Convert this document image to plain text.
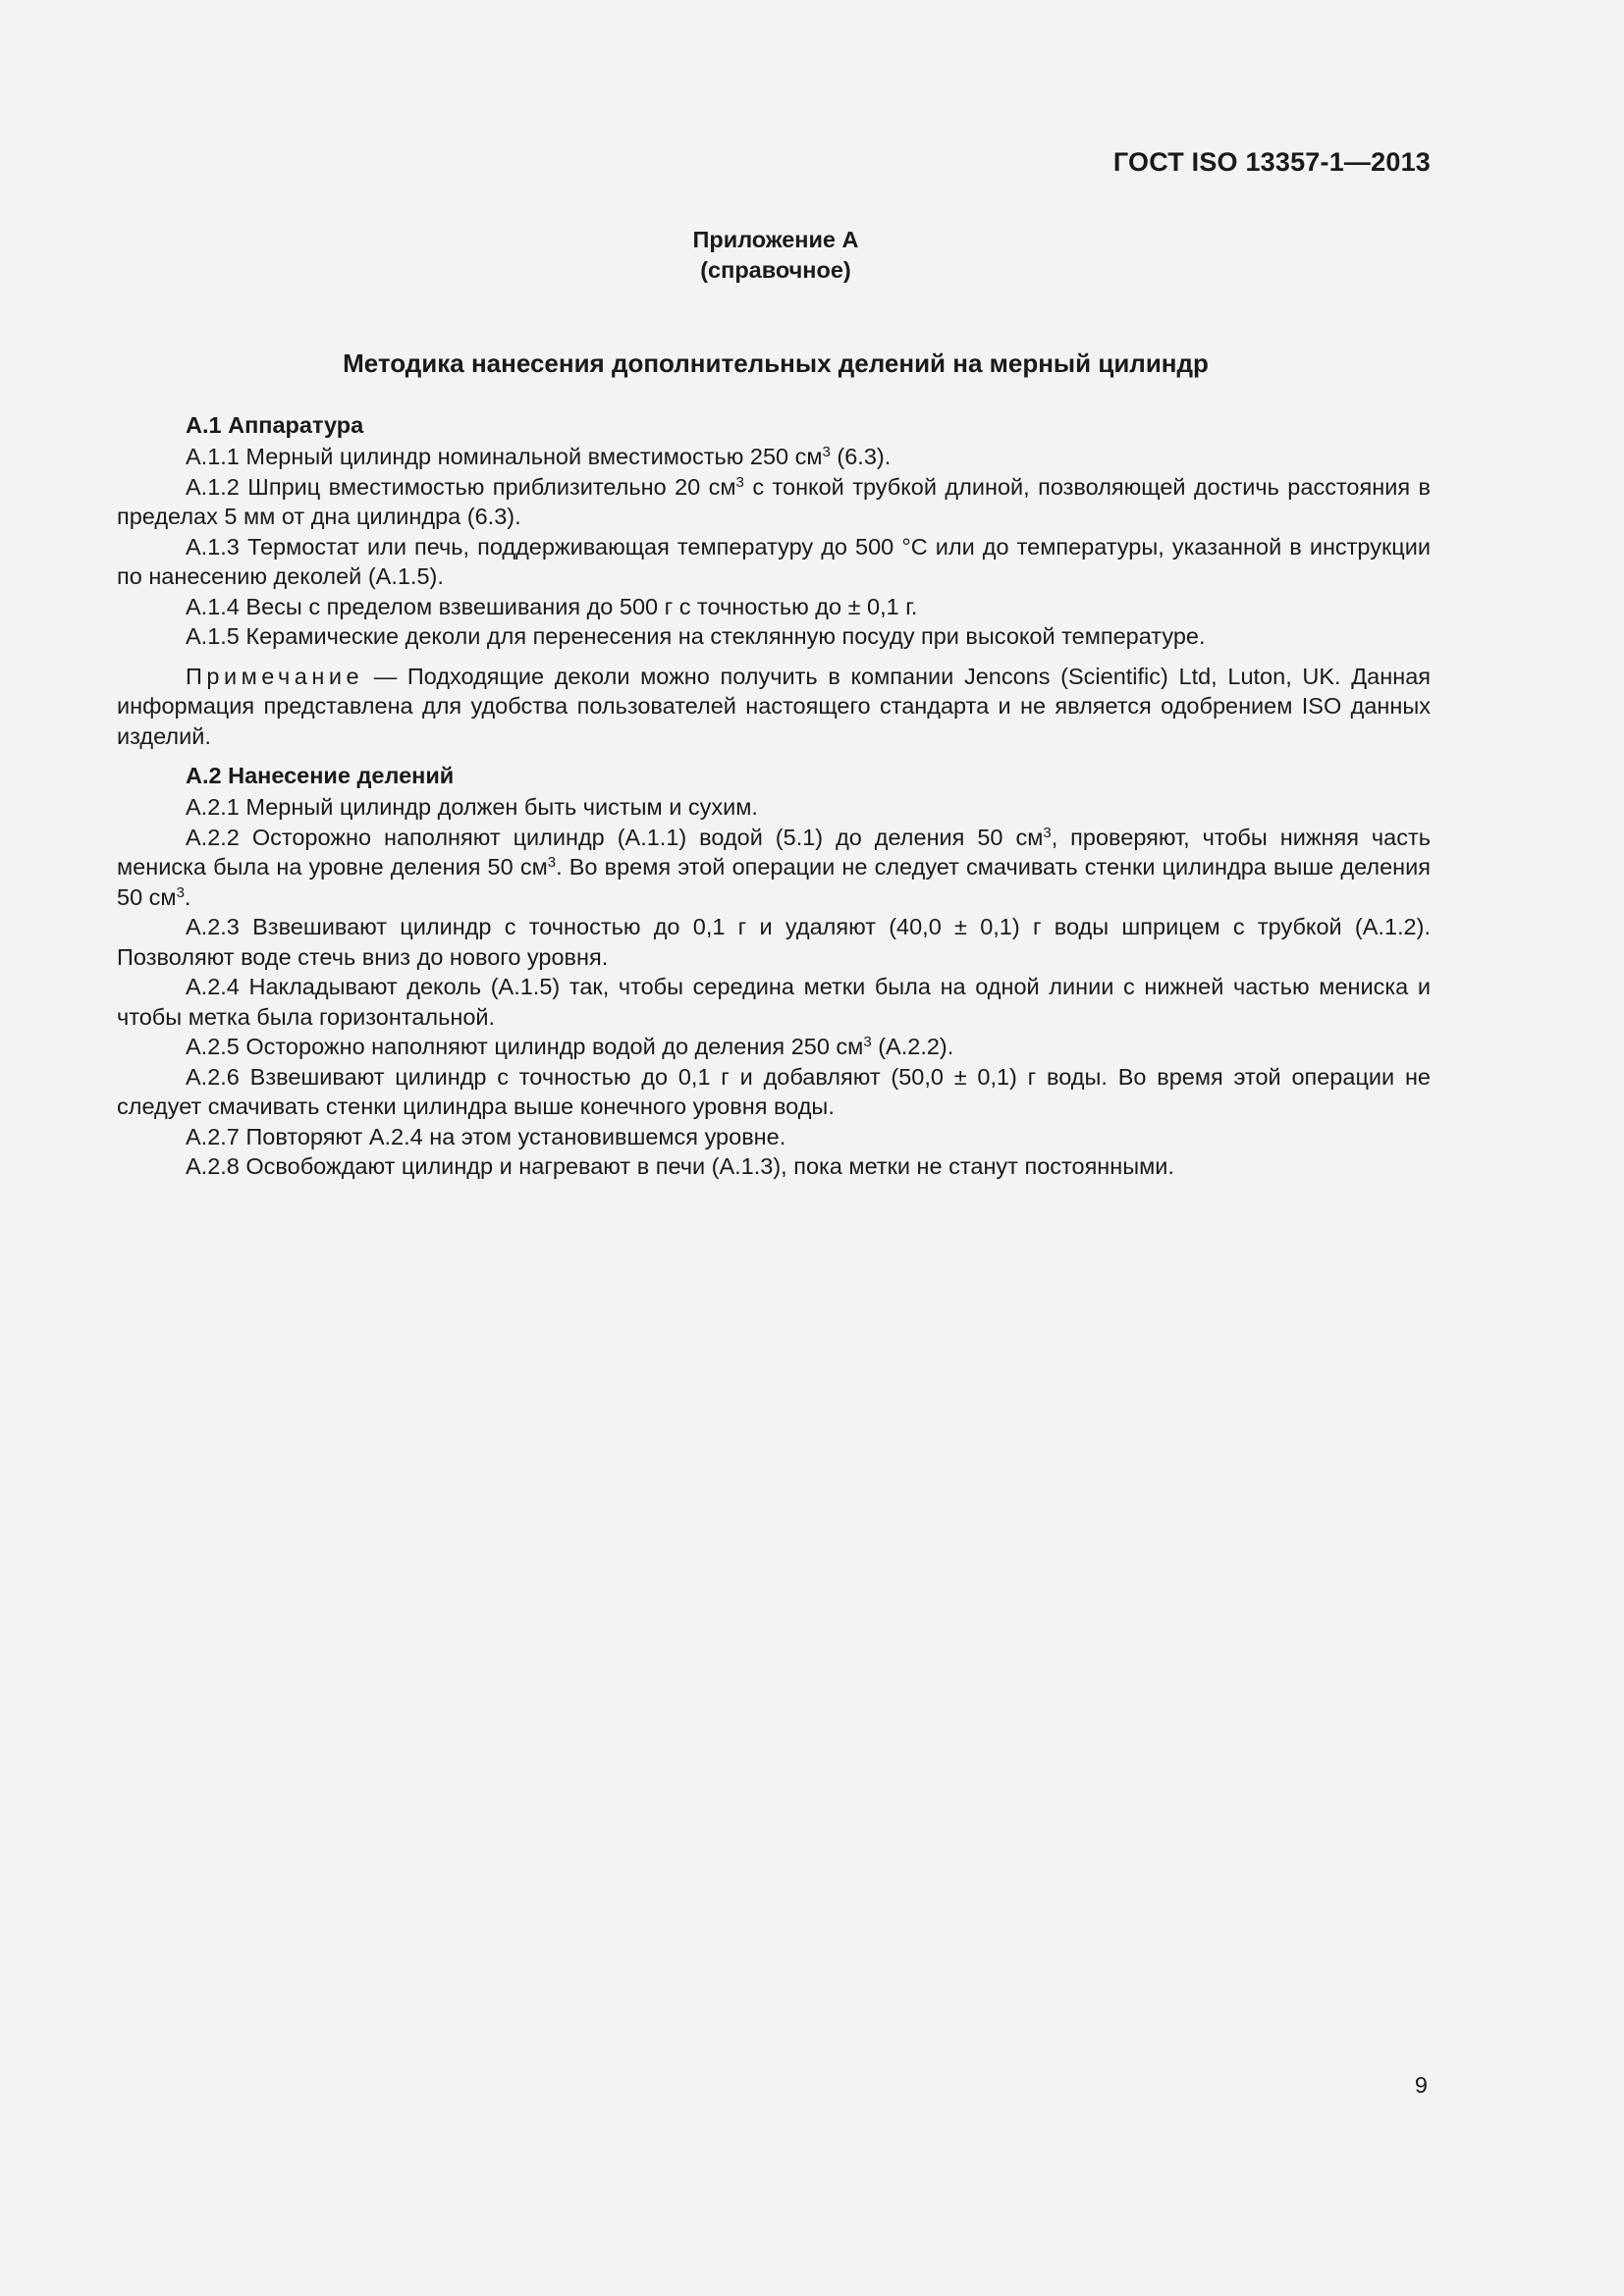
ГОСТ ISO 13357-1—2013
Приложение А
(справочное)
Методика нанесения дополнительных делений на мерный цилиндр

А.1 Аппаратура

А.1.1 Мерный цилиндр номинальной вместимостью 250 $см^3$ (6.3).

А.1.2 Шприц вместимостью приблизительно 20 $см^3$ с тонкой трубкой длиной, позволяющей достичь расстояния в пределах 5 мм от дна цилиндра (6.3).

А.1.3 Термостат или печь, поддерживающая температуру до 500 °С или до температуры, указанной в инструкции по нанесению деколей (А.1.5).

А.1.4 Весы с пределом взвешивания до 500 г с точностью до ± 0,1 г.

А.1.5 Керамические деколи для перенесения на стеклянную посуду при высокой температуре.

Примечание — Подходящие деколи можно получить в компании Jencons (Scientific) Ltd, Luton, UK. Данная информация представлена для удобства пользователей настоящего стандарта и не является одобрением ISO данных изделий.

А.2 Нанесение делений

А.2.1 Мерный цилиндр должен быть чистым и сухим.

А.2.2 Осторожно наполняют цилиндр (А.1.1) водой (5.1) до деления 50 $см^3$, проверяют, чтобы нижняя часть мениска была на уровне деления 50 $см^3$. Во время этой операции не следует смачивать стенки цилиндра выше деления 50 $см^3$.

А.2.3 Взвешивают цилиндр с точностью до 0,1 г и удаляют (40,0 ± 0,1) г воды шприцем с трубкой (А.1.2). Позволяют воде стечь вниз до нового уровня.

А.2.4 Накладывают деколь (А.1.5) так, чтобы середина метки была на одной линии с нижней частью мениска и чтобы метка была горизонтальной.

А.2.5 Осторожно наполняют цилиндр водой до деления 250 $см^3$ (А.2.2).

А.2.6 Взвешивают цилиндр с точностью до 0,1 г и добавляют (50,0 ± 0,1) г воды. Во время этой операции не следует смачивать стенки цилиндра выше конечного уровня воды.

А.2.7 Повторяют А.2.4 на этом установившемся уровне.

А.2.8 Освобождают цилиндр и нагревают в печи (А.1.3), пока метки не станут постоянными.

9
